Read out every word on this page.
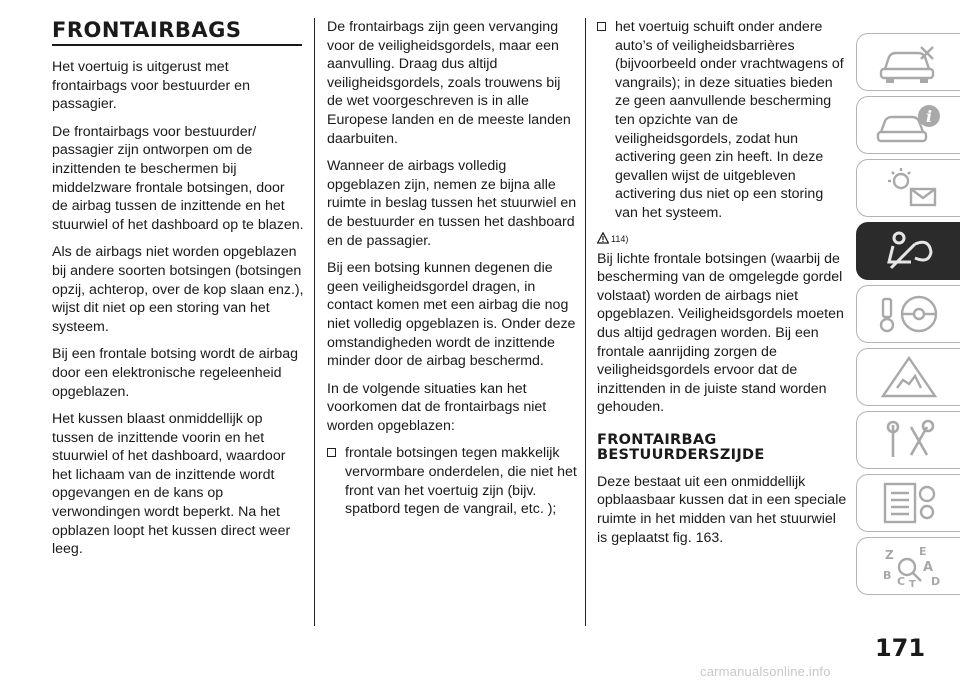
FRONTAIRBAGS

Het voertuig is uitgerust met frontairbags voor bestuurder en passagier.

De frontairbags voor bestuurder/ passagier zijn ontworpen om de inzittenden te beschermen bij middelzware frontale botsingen, door de airbag tussen de inzittende en het stuurwiel of het dashboard op te blazen.

Als de airbags niet worden opgeblazen bij andere soorten botsingen (botsingen opzij, achterop, over de kop slaan enz.), wijst dit niet op een storing van het systeem.

Bij een frontale botsing wordt de airbag door een elektronische regeleenheid opgeblazen.

Het kussen blaast onmiddellijk op tussen de inzittende voorin en het stuurwiel of het dashboard, waardoor het lichaam van de inzittende wordt opgevangen en de kans op verwondingen wordt beperkt. Na het opblazen loopt het kussen direct weer leeg.

De frontairbags zijn geen vervanging voor de veiligheidsgordels, maar een aanvulling. Draag dus altijd veiligheidsgordels, zoals trouwens bij de wet voorgeschreven is in alle Europese landen en de meeste landen daarbuiten.

Wanneer de airbags volledig opgeblazen zijn, nemen ze bijna alle ruimte in beslag tussen het stuurwiel en de bestuurder en tussen het dashboard en de passagier.

Bij een botsing kunnen degenen die geen veiligheidsgordel dragen, in contact komen met een airbag die nog niet volledig opgeblazen is. Onder deze omstandigheden wordt de inzittende minder door de airbag beschermd.

In de volgende situaties kan het voorkomen dat de frontairbags niet worden opgeblazen:

frontale botsingen tegen makkelijk vervormbare onderdelen, die niet het front van het voertuig zijn (bijv. spatbord tegen de vangrail, etc. );
het voertuig schuift onder andere auto’s of veiligheidsbarrières (bijvoorbeeld onder vrachtwagens of vangrails); in deze situaties bieden ze geen aanvullende bescherming ten opzichte van de veiligheidsgordels, zodat hun activering geen zin heeft. In deze gevallen wijst de uitgebleven activering dus niet op een storing van het systeem.
114)

Bij lichte frontale botsingen (waarbij de bescherming van de omgelegde gordel volstaat) worden de airbags niet opgeblazen. Veiligheidsgordels moeten dus altijd gedragen worden. Bij een frontale aanrijding zorgen de veiligheidsgordels ervoor dat de inzittenden in de juiste stand worden gehouden.

FRONTAIRBAG
BESTUURDERSZIJDE

Deze bestaat uit een onmiddellijk opblaasbaar kussen dat in een speciale ruimte in het midden van het stuurwiel is geplaatst fig. 163.

i
Z E
A
B C T D
171
carmanualsonline.info
